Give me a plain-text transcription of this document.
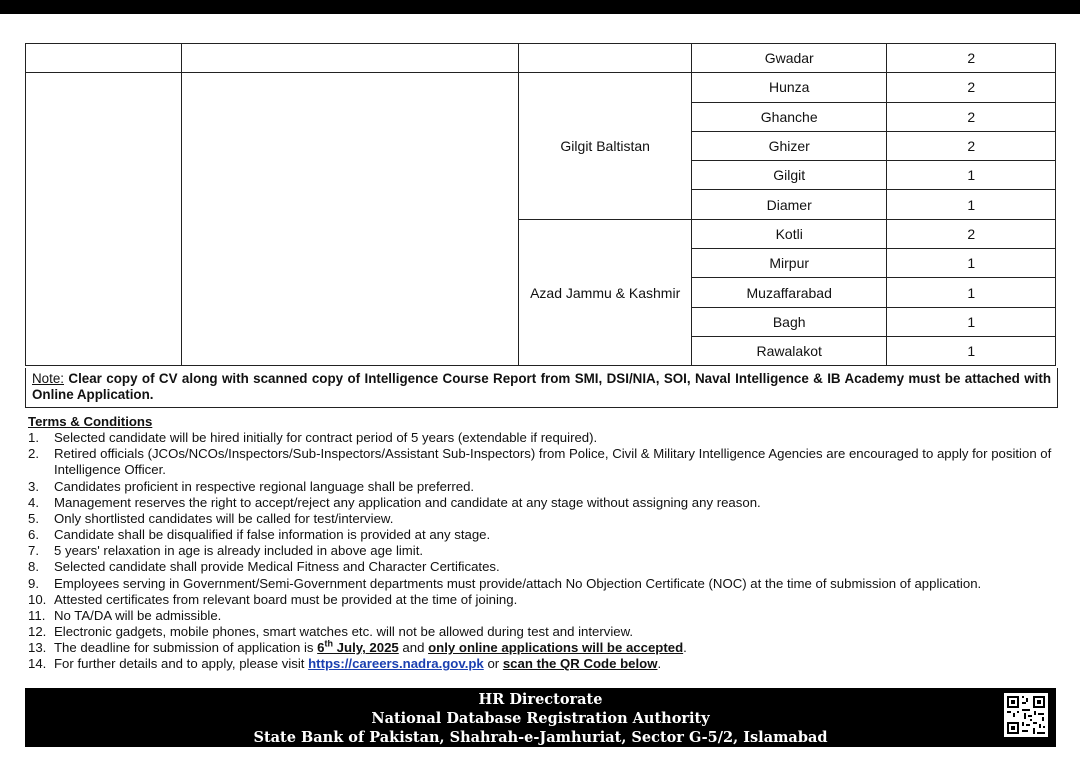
			Gwadar	2
		Gilgit Baltistan	Hunza	2
			Ghanche	2
			Ghizer	2
			Gilgit	1
			Diamer	1
		Azad Jammu & Kashmir	Kotli	2
			Mirpur	1
			Muzaffarabad	1
			Bagh	1
			Rawalakot	1
Note: Clear copy of CV along with scanned copy of Intelligence Course Report from SMI, DSI/NIA, SOI, Naval Intelligence & IB Academy must be attached with Online Application.
Terms & Conditions
1.	Selected candidate will be hired initially for contract period of 5 years (extendable if required).
2.	Retired officials (JCOs/NCOs/Inspectors/Sub-Inspectors/Assistant Sub-Inspectors) from Police, Civil & Military Intelligence Agencies are encouraged to apply for position of Intelligence Officer.
3.	Candidates proficient in respective regional language shall be preferred.
4.	Management reserves the right to accept/reject any application and candidate at any stage without assigning any reason.
5.	Only shortlisted candidates will be called for test/interview.
6.	Candidate shall be disqualified if false information is provided at any stage.
7.	5 years' relaxation in age is already included in above age limit.
8.	Selected candidate shall provide Medical Fitness and Character Certificates.
9.	Employees serving in Government/Semi-Government departments must provide/attach No Objection Certificate (NOC) at the time of submission of application.
10. Attested certificates from relevant board must be provided at the time of joining.
11. No TA/DA will be admissible.
12. Electronic gadgets, mobile phones, smart watches etc. will not be allowed during test and interview.
13. The deadline for submission of application is 6th July, 2025 and only online applications will be accepted.
14. For further details and to apply, please visit https://careers.nadra.gov.pk or scan the QR Code below.
HR Directorate
National Database Registration Authority
State Bank of Pakistan, Shahrah-e-Jamhuriat, Sector G-5/2, Islamabad
